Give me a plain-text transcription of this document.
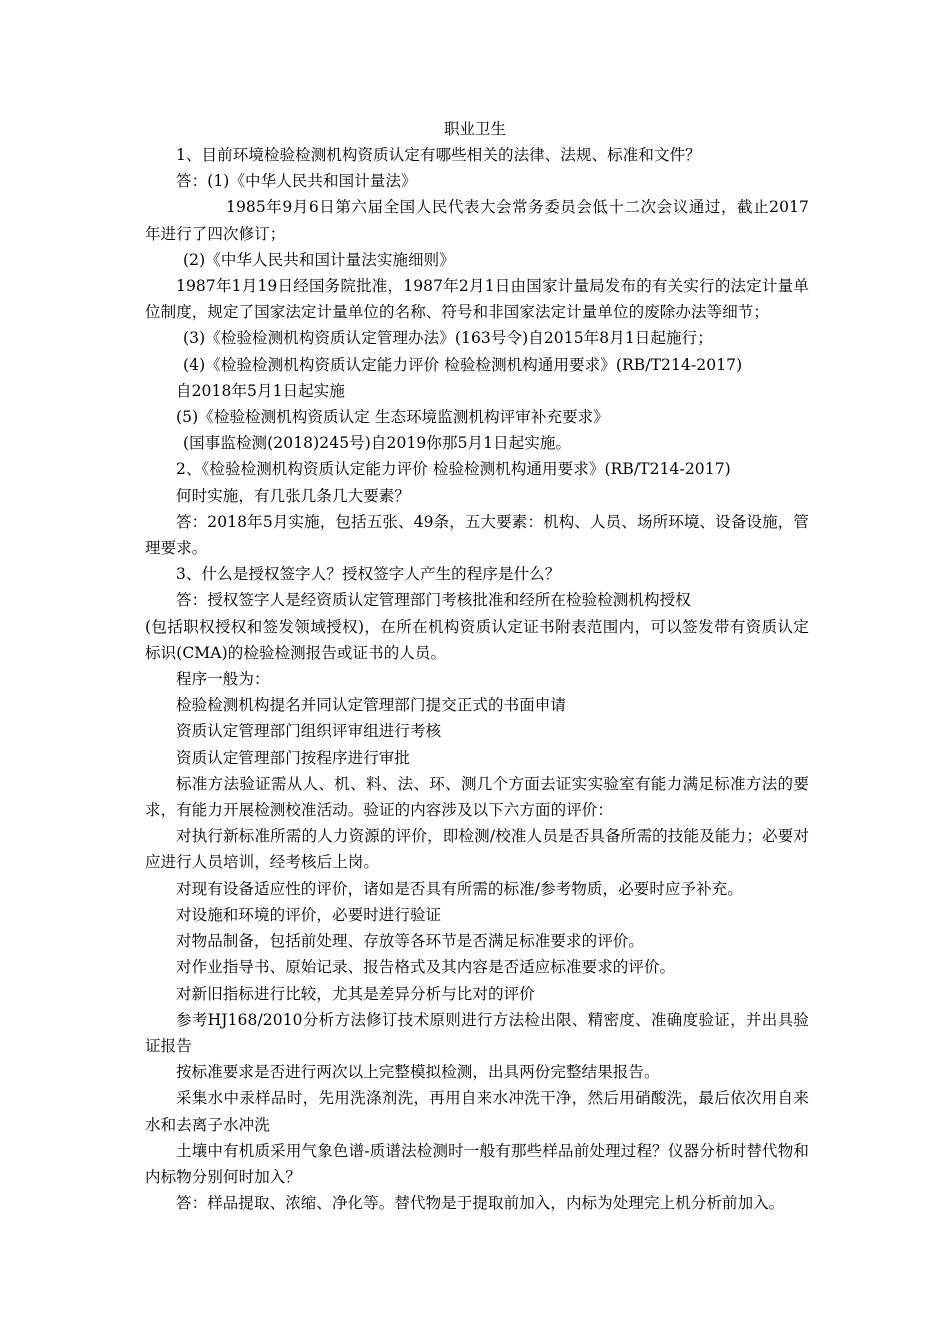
职业卫生

1、目前环境检验检测机构资质认定有哪些相关的法律、法规、标准和文件？

答：(1)《中华人民共和国计量法》

1985年9月6日第六届全国人民代表大会常务委员会低十二次会议通过，截止2017年进行了四次修订；

(2)《中华人民共和国计量法实施细则》

1987年1月19日经国务院批准，1987年2月1日由国家计量局发布的有关实行的法定计量单位制度，规定了国家法定计量单位的名称、符号和非国家法定计量单位的废除办法等细节；

(3)《检验检测机构资质认定管理办法》(163号令)自2015年8月1日起施行；

(4)《检验检测机构资质认定能力评价 检验检测机构通用要求》(RB/T214-2017)

自2018年5月1日起实施

(5)《检验检测机构资质认定 生态环境监测机构评审补充要求》

(国事监检测(2018)245号)自2019你那5月1日起实施。

2、《检验检测机构资质认定能力评价 检验检测机构通用要求》(RB/T214-2017)

何时实施，有几张几条几大要素？

答：2018年5月实施，包括五张、49条，五大要素：机构、人员、场所环境、设备设施，管理要求。

3、什么是授权签字人？授权签字人产生的程序是什么？

答：授权签字人是经资质认定管理部门考核批准和经所在检验检测机构授权

(包括职权授权和签发领域授权)，在所在机构资质认定证书附表范围内，可以签发带有资质认定标识(CMA)的检验检测报告或证书的人员。

程序一般为：

检验检测机构提名并同认定管理部门提交正式的书面申请

资质认定管理部门组织评审组进行考核

资质认定管理部门按程序进行审批

标准方法验证需从人、机、料、法、环、测几个方面去证实实验室有能力满足标准方法的要求，有能力开展检测校准活动。验证的内容涉及以下六方面的评价：

对执行新标准所需的人力资源的评价，即检测/校准人员是否具备所需的技能及能力；必要对应进行人员培训，经考核后上岗。

对现有设备适应性的评价，诸如是否具有所需的标准/参考物质，必要时应予补充。

对设施和环境的评价，必要时进行验证

对物品制备，包括前处理、存放等各环节是否满足标准要求的评价。

对作业指导书、原始记录、报告格式及其内容是否适应标准要求的评价。

对新旧指标进行比较，尤其是差异分析与比对的评价

参考HJ168/2010分析方法修订技术原则进行方法检出限、精密度、准确度验证，并出具验证报告

按标准要求是否进行两次以上完整模拟检测，出具两份完整结果报告。

采集水中汞样品时，先用洗涤剂洗，再用自来水冲洗干净，然后用硝酸洗，最后依次用自来水和去离子水冲洗

土壤中有机质采用气象色谱-质谱法检测时一般有那些样品前处理过程？仪器分析时替代物和内标物分别何时加入？

答：样品提取、浓缩、净化等。替代物是于提取前加入，内标为处理完上机分析前加入。
